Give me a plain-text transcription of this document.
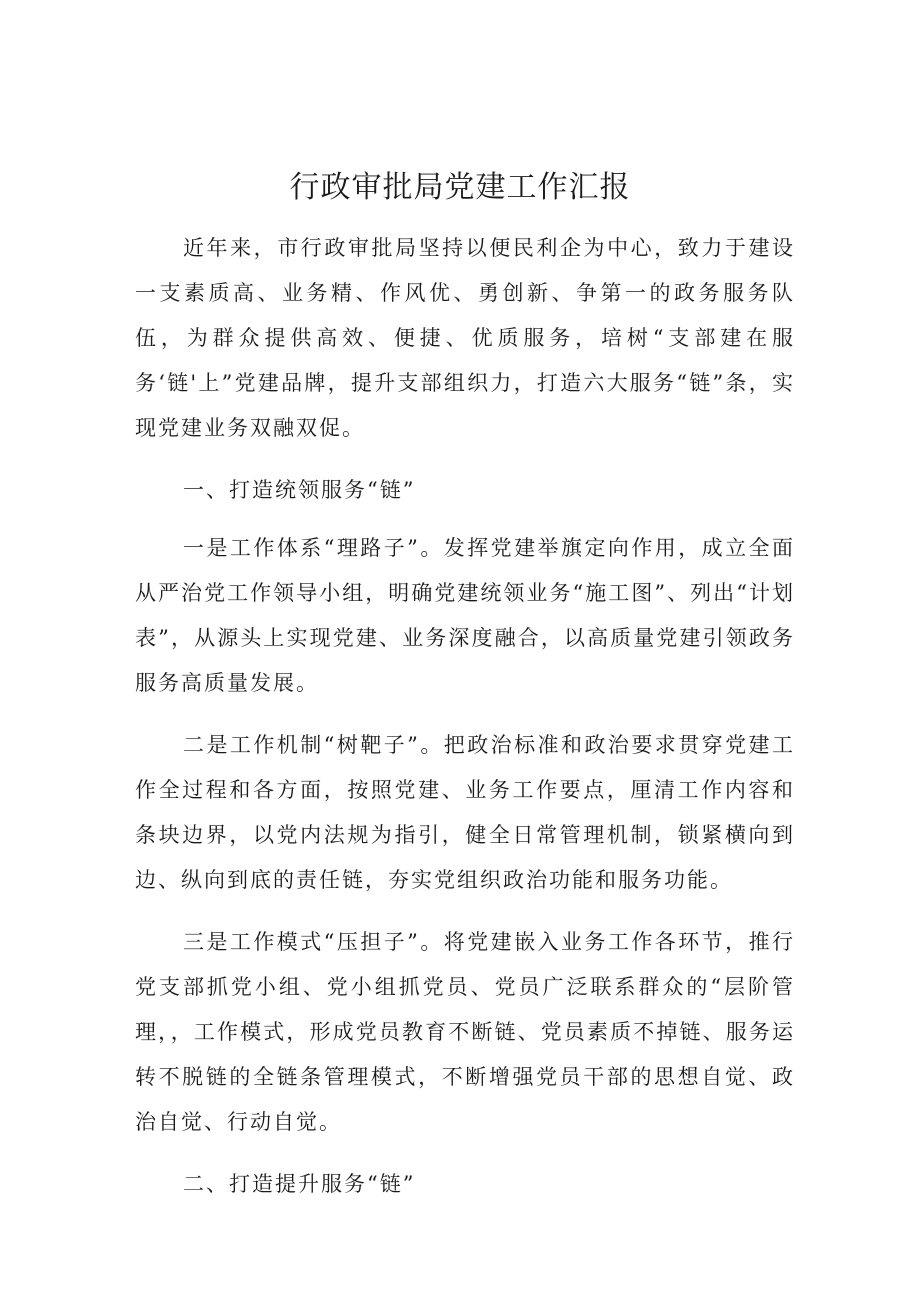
行政审批局党建工作汇报

近年来，市行政审批局坚持以便民利企为中心，致力于建设一支素质高、业务精、作风优、勇创新、争第一的政务服务队伍，为群众提供高效、便捷、优质服务，培树“支部建在服务‘链'上”党建品牌，提升支部组织力，打造六大服务“链”条，实现党建业务双融双促。

一、打造统领服务“链”

一是工作体系“理路子”。发挥党建举旗定向作用，成立全面从严治党工作领导小组，明确党建统领业务“施工图”、列出“计划表”，从源头上实现党建、业务深度融合，以高质量党建引领政务服务高质量发展。

二是工作机制“树靶子”。把政治标准和政治要求贯穿党建工作全过程和各方面，按照党建、业务工作要点，厘清工作内容和条块边界，以党内法规为指引，健全日常管理机制，锁紧横向到边、纵向到底的责任链，夯实党组织政治功能和服务功能。

三是工作模式“压担子”。将党建嵌入业务工作各环节，推行党支部抓党小组、党小组抓党员、党员广泛联系群众的“层阶管理，，工作模式，形成党员教育不断链、党员素质不掉链、服务运转不脱链的全链条管理模式，不断增强党员干部的思想自觉、政治自觉、行动自觉。

二、打造提升服务“链”
